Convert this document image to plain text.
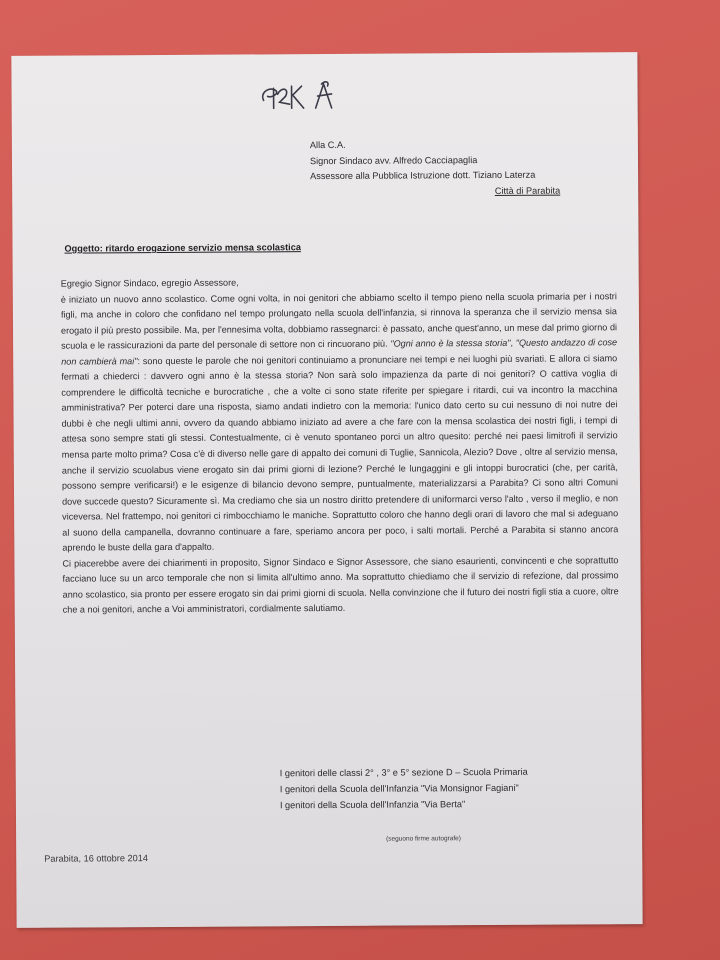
Alla C.A.
Signor Sindaco avv. Alfredo Cacciapaglia
Assessore alla Pubblica Istruzione dott. Tiziano Laterza
Città di Parabita
Oggetto: ritardo erogazione servizio mensa scolastica

Egregio Signor Sindaco, egregio Assessore,

è iniziato un nuovo anno scolastico. Come ogni volta, in noi genitori che abbiamo scelto il tempo pieno nella scuola primaria per i nostri figli, ma anche in coloro che confidano nel tempo prolungato nella scuola dell'infanzia, si rinnova la speranza che il servizio mensa sia erogato il più presto possibile. Ma, per l'ennesima volta, dobbiamo rassegnarci: è passato, anche quest'anno, un mese dal primo giorno di scuola e le rassicurazioni da parte del personale di settore non ci rincuorano più. "Ogni anno è la stessa storia", "Questo andazzo di cose non cambierà mai": sono queste le parole che noi genitori continuiamo a pronunciare nei tempi e nei luoghi più svariati. E allora ci siamo fermati a chiederci : davvero ogni anno è la stessa storia? Non sarà solo impazienza da parte di noi genitori? O cattiva voglia di comprendere le difficoltà tecniche e burocratiche , che a volte ci sono state riferite per spiegare i ritardi, cui va incontro la macchina amministrativa? Per poterci dare una risposta, siamo andati indietro con la memoria: l'unico dato certo su cui nessuno di noi nutre dei dubbi è che negli ultimi anni, ovvero da quando abbiamo iniziato ad avere a che fare con la mensa scolastica dei nostri figli, i tempi di attesa sono sempre stati gli stessi. Contestualmente, ci è venuto spontaneo porci un altro quesito: perché nei paesi limitrofi il servizio mensa parte molto prima? Cosa c'è di diverso nelle gare di appalto dei comuni di Tuglie, Sannicola, Alezio? Dove , oltre al servizio mensa, anche il servizio scuolabus viene erogato sin dai primi giorni di lezione? Perché le lungaggini e gli intoppi burocratici (che, per carità, possono sempre verificarsi!) e le esigenze di bilancio devono sempre, puntualmente, materializzarsi a Parabita? Ci sono altri Comuni dove succede questo? Sicuramente sì. Ma crediamo che sia un nostro diritto pretendere di uniformarci verso l'alto , verso il meglio, e non viceversa. Nel frattempo, noi genitori ci rimbocchiamo le maniche. Soprattutto coloro che hanno degli orari di lavoro che mal si adeguano al suono della campanella, dovranno continuare a fare, speriamo ancora per poco, i salti mortali. Perché a Parabita si stanno ancora aprendo le buste della gara d'appalto.

Ci piacerebbe avere dei chiarimenti in proposito, Signor Sindaco e Signor Assessore, che siano esaurienti, convincenti e che soprattutto facciano luce su un arco temporale che non si limita all'ultimo anno. Ma soprattutto chiediamo che il servizio di refezione, dal prossimo anno scolastico, sia pronto per essere erogato sin dai primi giorni di scuola. Nella convinzione che il futuro dei nostri figli stia a cuore, oltre che a noi genitori, anche a Voi amministratori, cordialmente salutiamo.

I genitori delle classi 2° , 3° e 5° sezione D – Scuola Primaria
I genitori della Scuola dell'Infanzia "Via Monsignor Fagiani"
I genitori della Scuola dell'Infanzia "Via Berta"
(seguono firme autografe)
Parabita, 16 ottobre 2014
